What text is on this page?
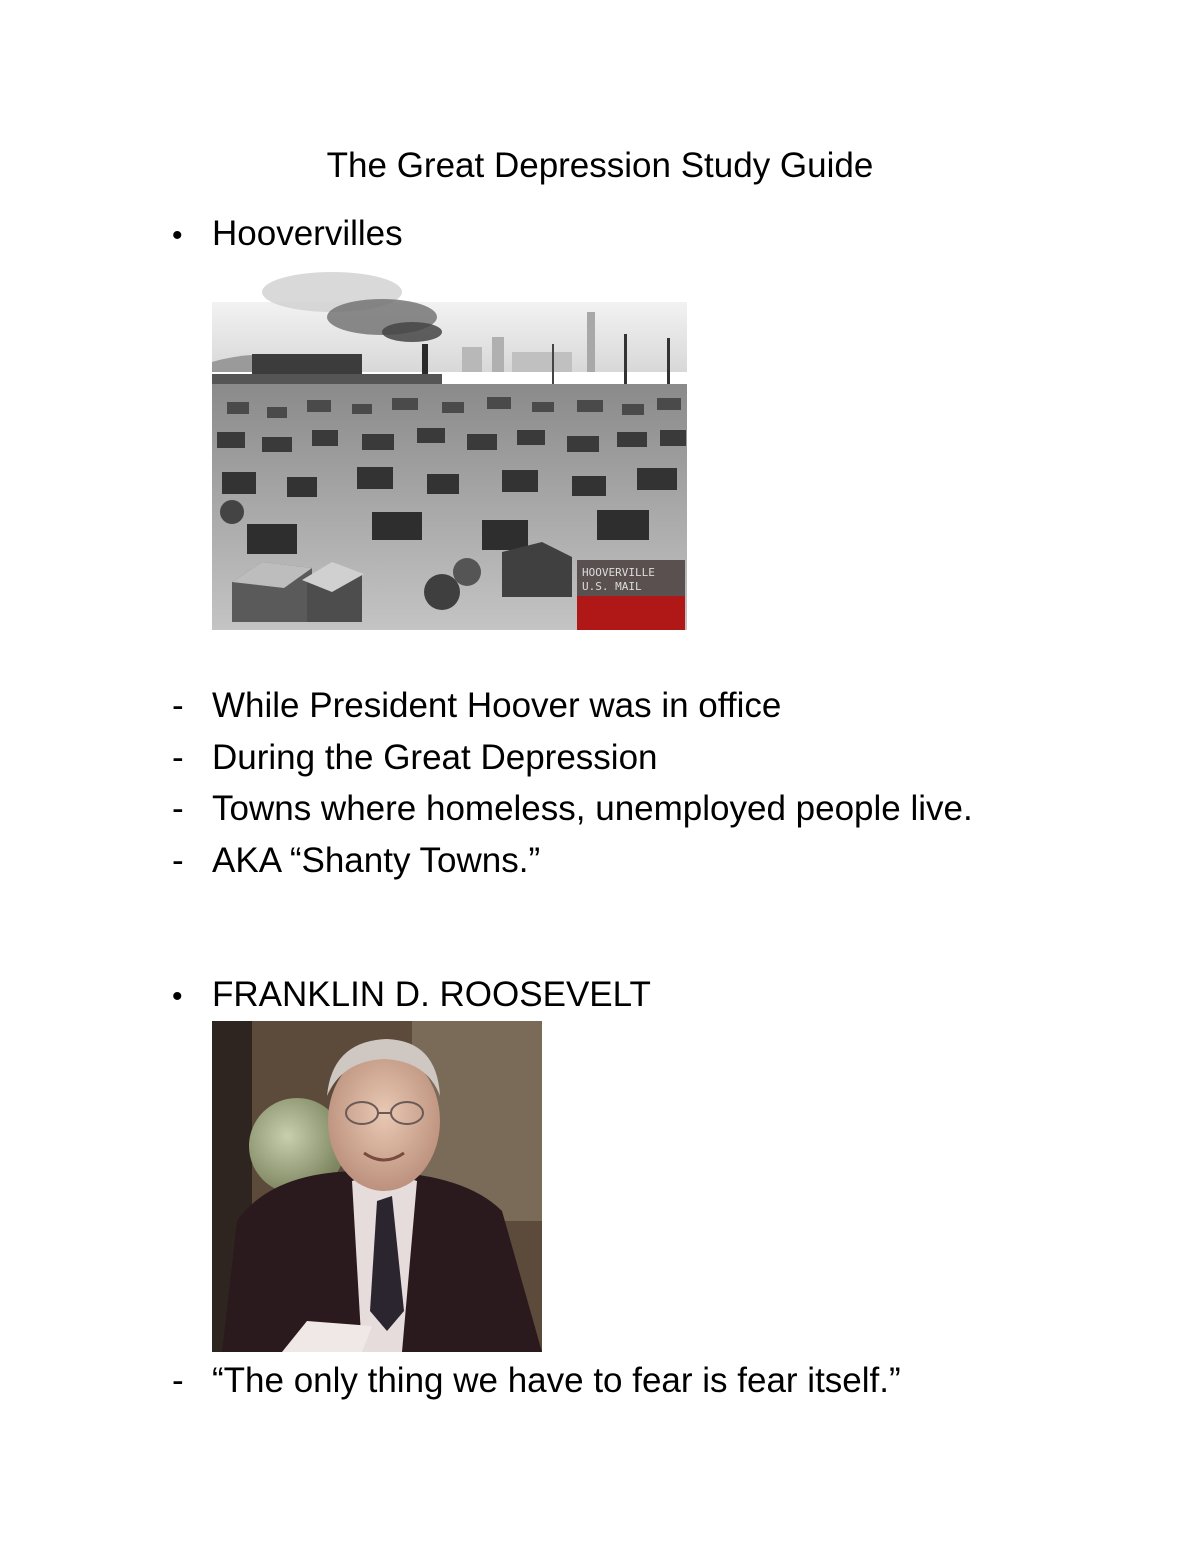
The Great Depression Study Guide
• Hoovervilles
HOOVERVILLE
U.S. MAIL
- While President Hoover was in office
- During the Great Depression
- Towns where homeless, unemployed people live.
- AKA “Shanty Towns.”
• FRANKLIN D. ROOSEVELT
- “The only thing we have to fear is fear itself.”
